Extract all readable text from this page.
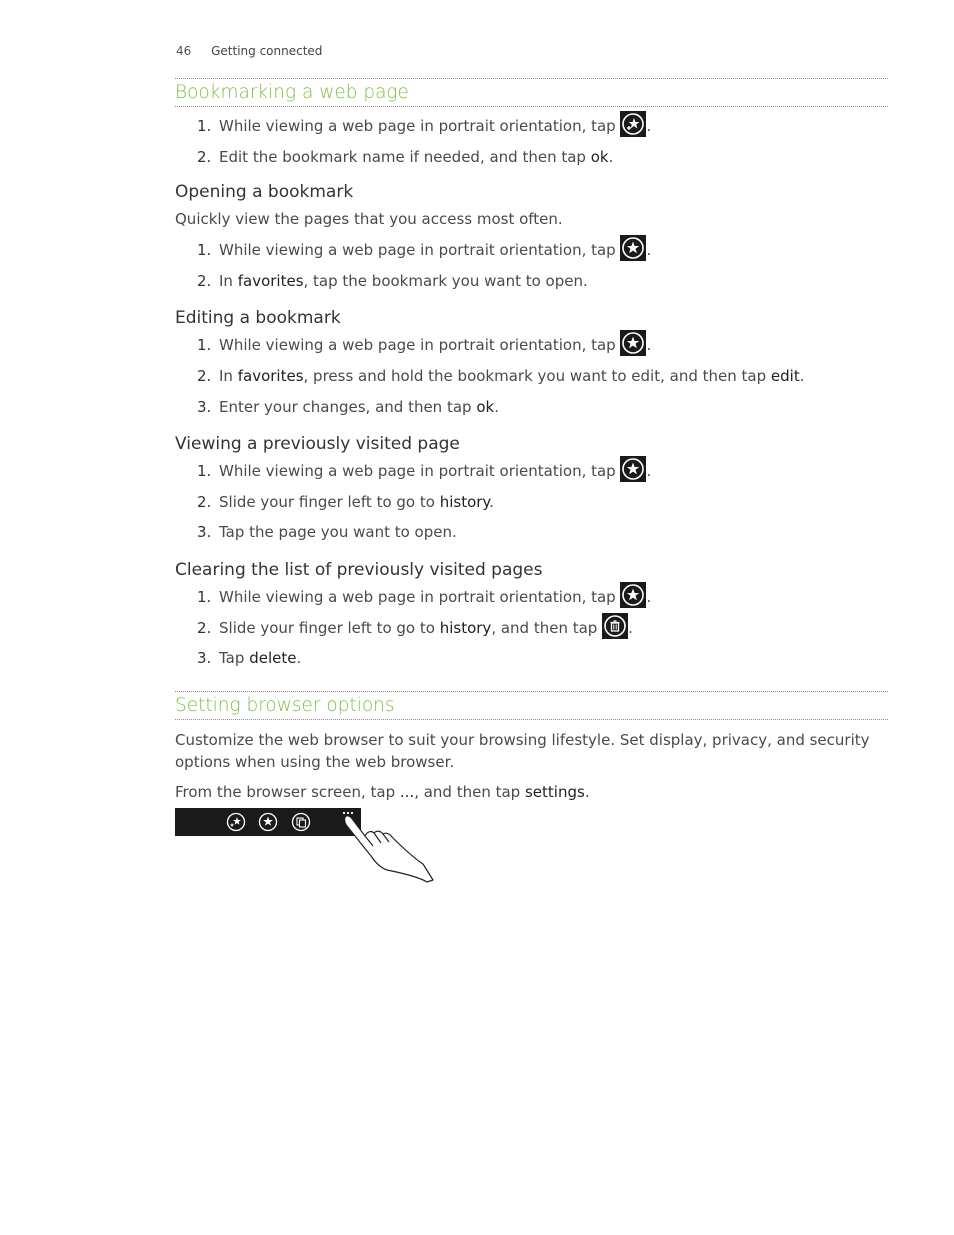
46 Getting connected
Bookmarking a web page
1. While viewing a web page in portrait orientation, tap .
2. Edit the bookmark name if needed, and then tap ok.
Opening a bookmark
Quickly view the pages that you access most often.
1. While viewing a web page in portrait orientation, tap .
2. In favorites, tap the bookmark you want to open.
Editing a bookmark
1. While viewing a web page in portrait orientation, tap .
2. In favorites, press and hold the bookmark you want to edit, and then tap edit.
3. Enter your changes, and then tap ok.
Viewing a previously visited page
1. While viewing a web page in portrait orientation, tap .
2. Slide your finger left to go to history.
3. Tap the page you want to open.
Clearing the list of previously visited pages
1. While viewing a web page in portrait orientation, tap .
2. Slide your finger left to go to history, and then tap .
3. Tap delete.
Setting browser options
Customize the web browser to suit your browsing lifestyle. Set display, privacy, and security options when using the web browser.
From the browser screen, tap ..., and then tap settings.
